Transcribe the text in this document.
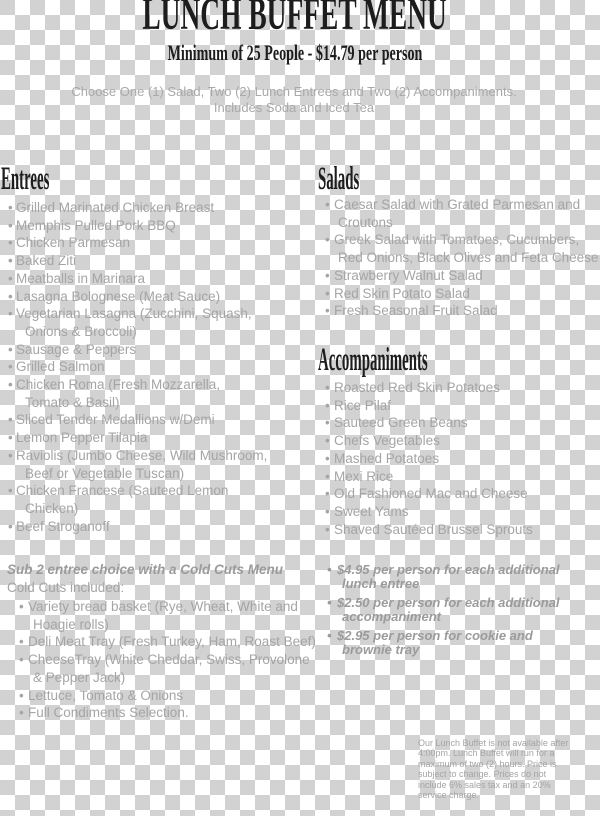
LUNCH BUFFET MENU
Minimum of 25 People - $14.79 per person
Choose One (1) Salad, Two (2) Lunch Entrees and Two (2) Accompaniments.
Includes Soda and Iced Tea
Entrees
• Grilled Marinated Chicken Breast
• Memphis Pulled Pork BBQ
• Chicken Parmesan
• Baked Ziti
• Meatballs in Marinara
• Lasagna Bolognese (Meat Sauce)
• Vegetarian Lasagna (Zucchini, Squash,
Onions & Broccoli)
• Sausage & Peppers
• Grilled Salmon
• Chicken Roma (Fresh Mozzarella,
Tomato & Basil)
• Sliced Tender Medallions w/Demi
• Lemon Pepper Tilapia
• Raviolis (Jumbo Cheese, Wild Mushroom,
Beef or Vegetable Tuscan)
• Chicken Francese (Sauteed Lemon
Chicken)
• Beef Stroganoff
Salads
• Caesar Salad with Grated Parmesan and
Croutons
• Greek Salad with Tomatoes, Cucumbers,
Red Onions, Black Olives and Feta Cheese
• Strawberry Walnut Salad
• Red Skin Potato Salad
• Fresh Seasonal Fruit Salad
Accompaniments
• Roasted Red Skin Potatoes
• Rice Pilaf
• Sauteed Green Beans
• Chefs Vegetables
• Mashed Potatoes
• Mexi Rice
• Old Fashioned Mac and Cheese
• Sweet Yams
• Shaved Sautéed Brussel Sprouts
Sub 2 entree choice with a Cold Cuts Menu
Cold Cuts included:
• Variety bread basket (Rye, Wheat, White and
Hoagie rolls)
• Deli Meat Tray (Fresh Turkey, Ham, Roast Beef)
• CheeseTray (White Cheddar, Swiss, Provolone
& Pepper Jack)
• Lettuce, Tomato & Onions
• Full Condiments Selection.
• $4.95 per person for each additional
lunch entree
• $2.50 per person for each additional
accompaniment
• $2.95 per person for cookie and
brownie tray
Our Lunch Buffet is not available after
4:00pm. Lunch Buffet will run for a
maximum of two (2) hours. Price is
subject to change. Prices do not
include 6% sales tax and an 20%
service charge.
